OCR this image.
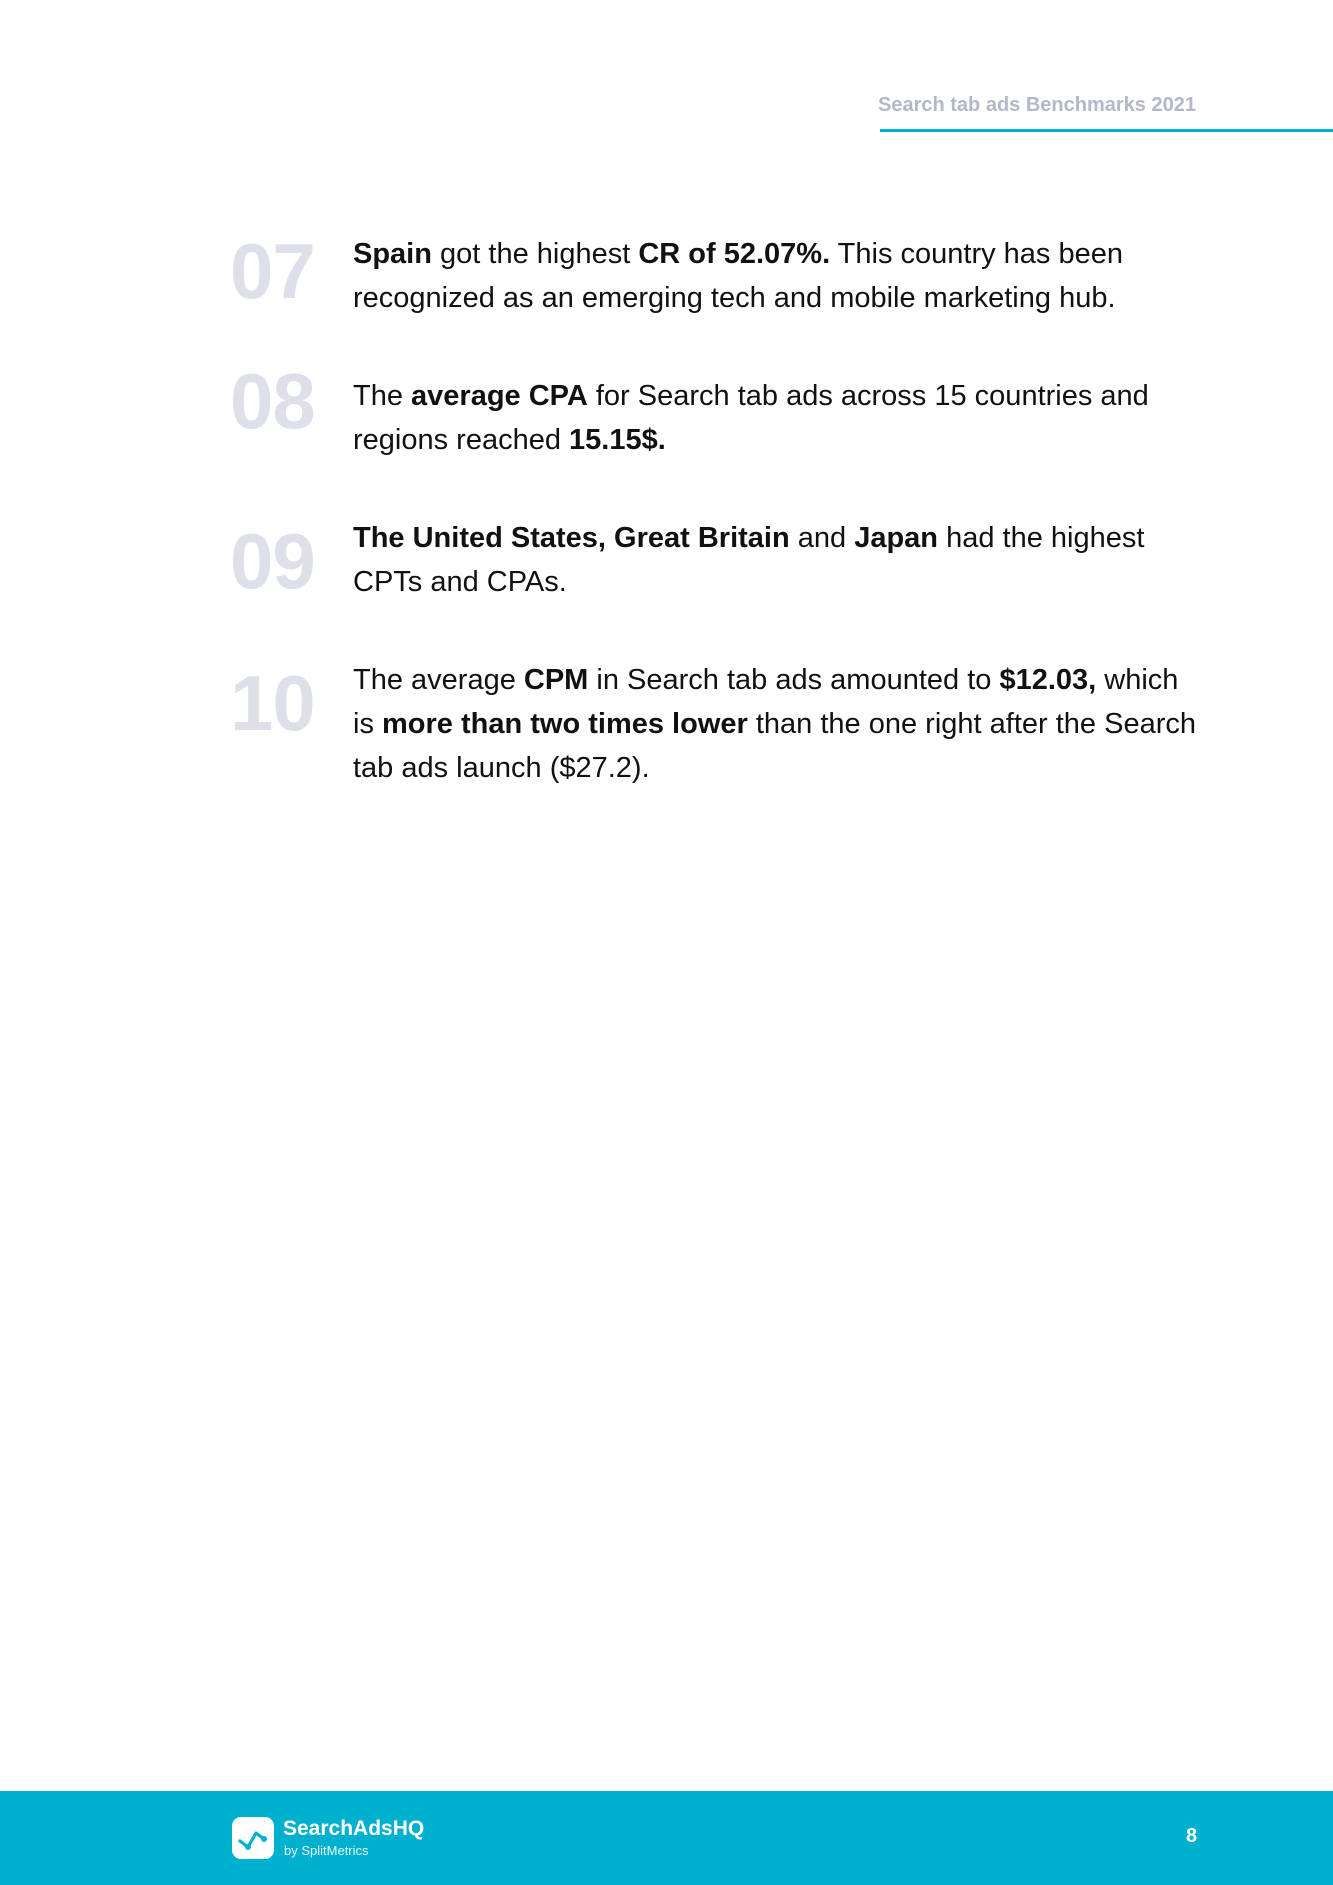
Search tab ads Benchmarks 2021
07 Spain got the highest CR of 52.07%. This country has been recognized as an emerging tech and mobile marketing hub.
08 The average CPA for Search tab ads across 15 countries and regions reached 15.15$.
09 The United States, Great Britain and Japan had the highest CPTs and CPAs.
10 The average CPM in Search tab ads amounted to $12.03, which is more than two times lower than the one right after the Search tab ads launch ($27.2).
SearchAdsHQ
by SplitMetrics
8
